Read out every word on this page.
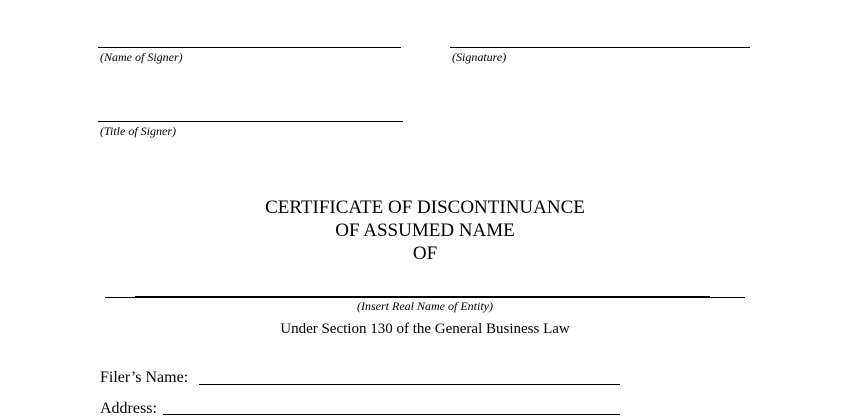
(Name of Signer)	(Signature)
(Title of Signer)
CERTIFICATE OF DISCONTINUANCE
OF ASSUMED NAME
OF
(Insert Real Name of Entity)
Under Section 130 of the General Business Law
Filer’s Name:
Address:
